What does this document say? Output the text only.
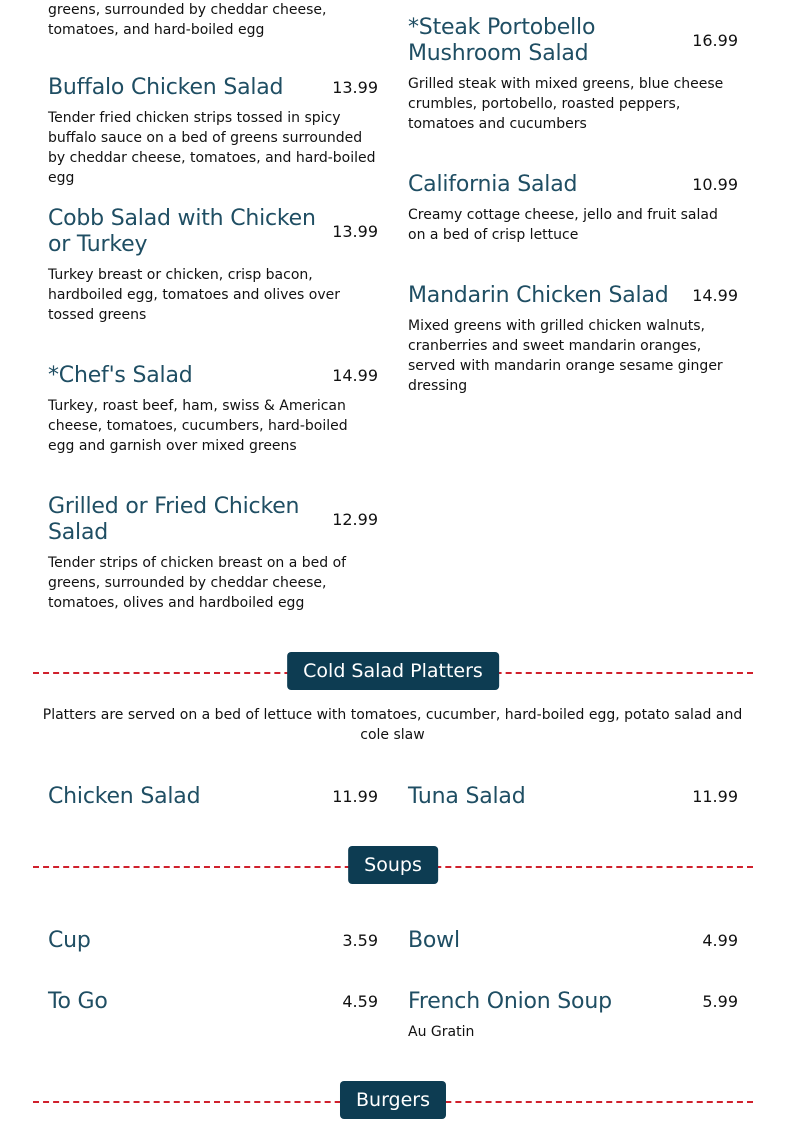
greens, surrounded by cheddar cheese, tomatoes, and hard-boiled egg
Buffalo Chicken Salad	13.99
Tender fried chicken strips tossed in spicy buffalo sauce on a bed of greens surrounded by cheddar cheese, tomatoes, and hard-boiled egg
Cobb Salad with Chicken or Turkey
13.99
Turkey breast or chicken, crisp bacon, hardboiled egg, tomatoes and olives over tossed greens
*Chef's Salad	14.99
Turkey, roast beef, ham, swiss & American cheese, tomatoes, cucumbers, hard-boiled egg and garnish over mixed greens
Grilled or Fried Chicken Salad
12.99
Tender strips of chicken breast on a bed of greens, surrounded by cheddar cheese, tomatoes, olives and hardboiled egg
*Steak Portobello Mushroom Salad
16.99
Grilled steak with mixed greens, blue cheese crumbles, portobello, roasted peppers, tomatoes and cucumbers
California Salad	10.99
Creamy cottage cheese, jello and fruit salad on a bed of crisp lettuce
Mandarin Chicken Salad	14.99
Mixed greens with grilled chicken walnuts, cranberries and sweet mandarin oranges, served with mandarin orange sesame ginger dressing
Cold Salad Platters
Platters are served on a bed of lettuce with tomatoes, cucumber, hard-boiled egg, potato salad and cole slaw
Chicken Salad	11.99 Tuna Salad	11.99
Soups
Cup	3.59 Bowl	4.99
To Go	4.59 French Onion Soup	5.99
Au Gratin
Burgers
